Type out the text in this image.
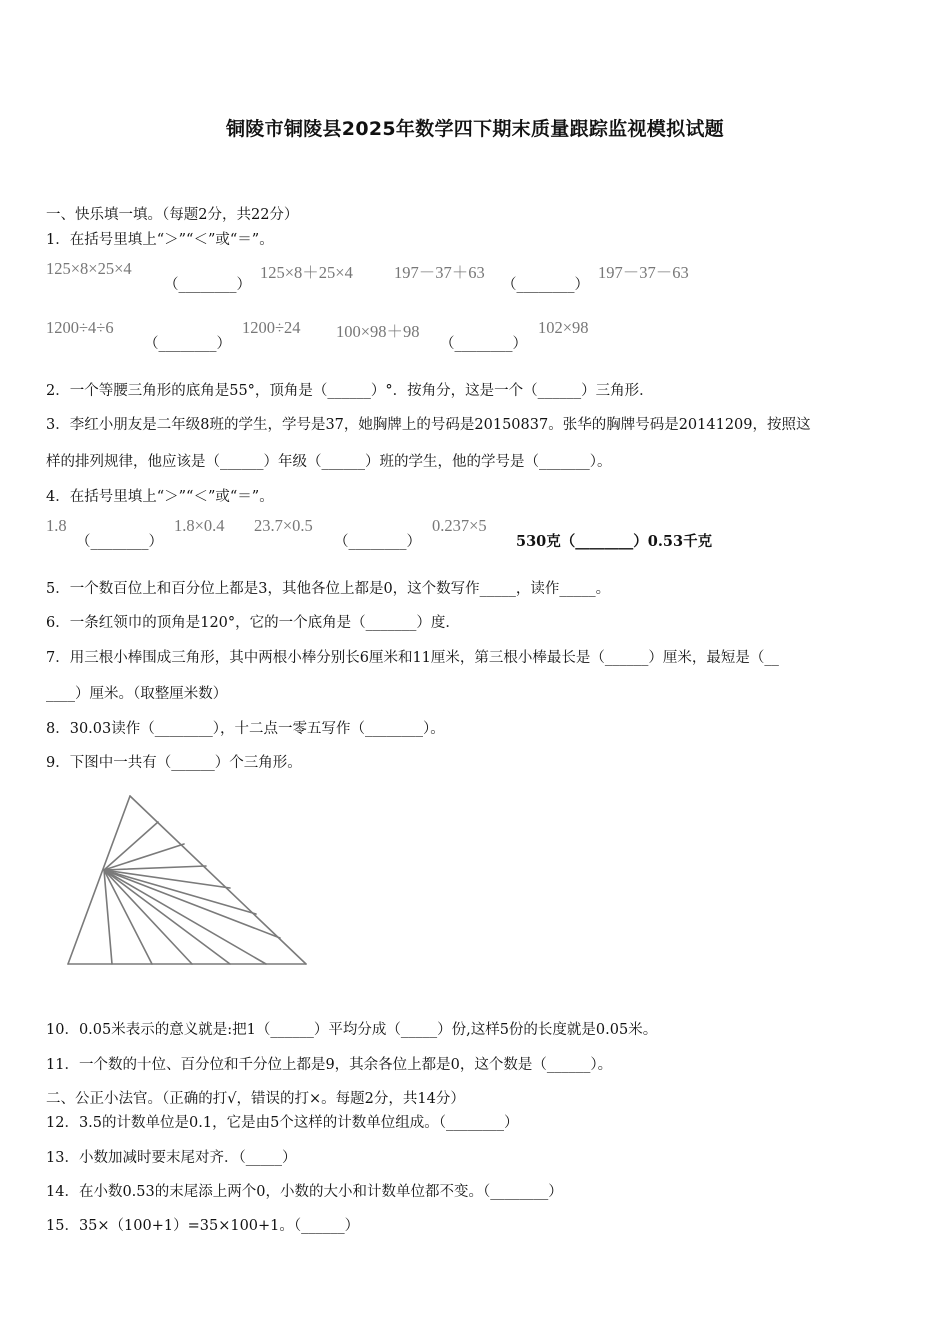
铜陵市铜陵县2025年数学四下期末质量跟踪监视模拟试题
一、快乐填一填。（每题2分，共22分）
1．在括号里填上“＞”“＜”或“＝”。
125×8×25×4
（________）
125×8＋25×4 197－37＋63
（________）
197－37－63
1200÷4÷6
（________）
1200÷24 100×98＋98
（________）
102×98
2．一个等腰三角形的底角是55°，顶角是（______）°．按角分，这是一个（______）三角形．
3．李红小朋友是二年级8班的学生，学号是37，她胸牌上的号码是20150837。张华的胸牌号码是20141209，按照这
样的排列规律，他应该是（______）年级（______）班的学生，他的学号是（_______）。
4．在括号里填上“＞”“＜”或“＝”。
1.8
（________）
1.8×0.4 23.7×0.5
（________）
0.237×5
530克（________）0.53千克
5．一个数百位上和百分位上都是3，其他各位上都是0，这个数写作_____，读作_____。
6．一条红领巾的顶角是120°，它的一个底角是（_______）度．
7．用三根小棒围成三角形，其中两根小棒分别长6厘米和11厘米，第三根小棒最长是（______）厘米，最短是（__
____）厘米。（取整厘米数）
8．30.03读作（________），十二点一零五写作（________）。
9．下图中一共有（______）个三角形。
10．0.05米表示的意义就是:把1（______）平均分成（_____）份,这样5份的长度就是0.05米。
11．一个数的十位、百分位和千分位上都是9，其余各位上都是0，这个数是（______）。
二、公正小法官。（正确的打√，错误的打×。每题2分，共14分）
12．3.5的计数单位是0.1，它是由5个这样的计数单位组成。（________）
13．小数加减时要末尾对齐．（_____）
14．在小数0.53的末尾添上两个0，小数的大小和计数单位都不变。（________）
15．35×（100+1）=35×100+1。（______）
